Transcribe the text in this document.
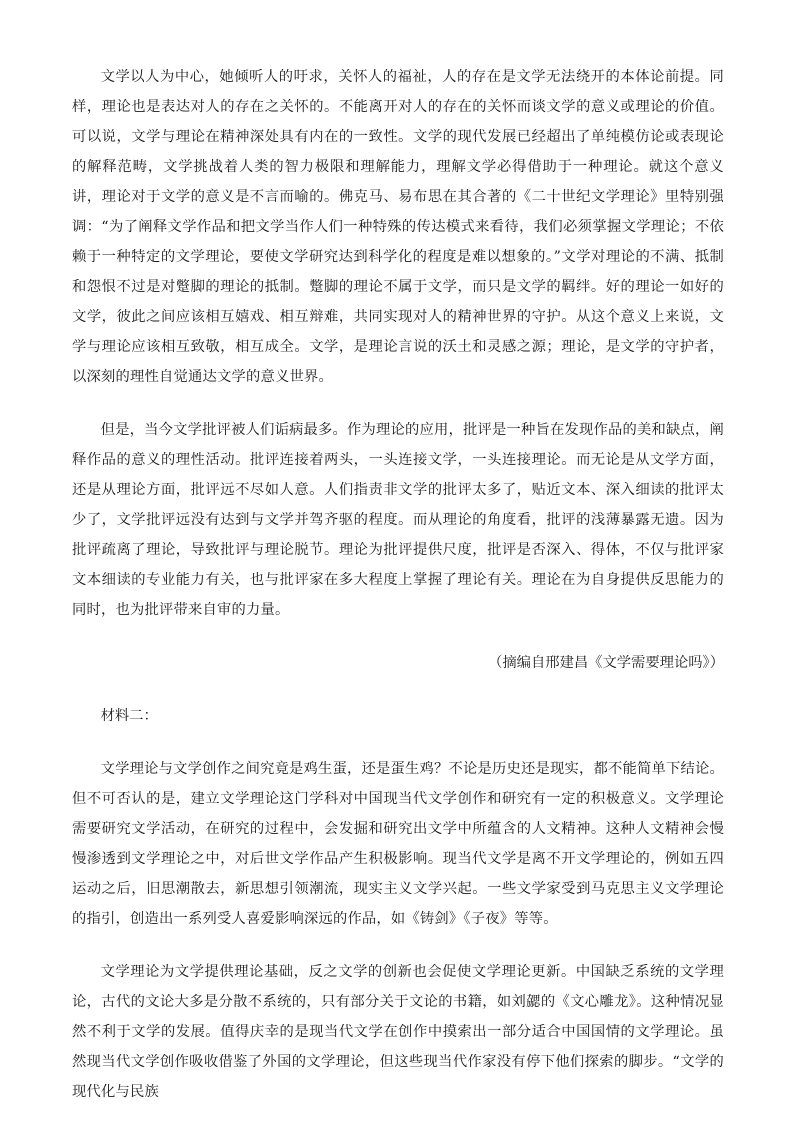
文学以人为中心，她倾听人的吁求，关怀人的福祉，人的存在是文学无法绕开的本体论前提。同样，理论也是表达对人的存在之关怀的。不能离开对人的存在的关怀而谈文学的意义或理论的价值。可以说，文学与理论在精神深处具有内在的一致性。文学的现代发展已经超出了单纯模仿论或表现论的解释范畴，文学挑战着人类的智力极限和理解能力，理解文学必得借助于一种理论。就这个意义讲，理论对于文学的意义是不言而喻的。佛克马、易布思在其合著的《二十世纪文学理论》里特别强调：“为了阐释文学作品和把文学当作人们一种特殊的传达模式来看待，我们必须掌握文学理论；不依赖于一种特定的文学理论，要使文学研究达到科学化的程度是难以想象的。”文学对理论的不满、抵制和怨恨不过是对蹩脚的理论的抵制。蹩脚的理论不属于文学，而只是文学的羁绊。好的理论一如好的文学，彼此之间应该相互嬉戏、相互辩难，共同实现对人的精神世界的守护。从这个意义上来说，文学与理论应该相互致敬，相互成全。文学，是理论言说的沃土和灵感之源；理论，是文学的守护者，以深刻的理性自觉通达文学的意义世界。

但是，当今文学批评被人们诟病最多。作为理论的应用，批评是一种旨在发现作品的美和缺点，阐释作品的意义的理性活动。批评连接着两头，一头连接文学，一头连接理论。而无论是从文学方面，还是从理论方面，批评远不尽如人意。人们指责非文学的批评太多了，贴近文本、深入细读的批评太少了，文学批评远没有达到与文学并驾齐驱的程度。而从理论的角度看，批评的浅薄暴露无遗。因为批评疏离了理论，导致批评与理论脱节。理论为批评提供尺度，批评是否深入、得体，不仅与批评家文本细读的专业能力有关，也与批评家在多大程度上掌握了理论有关。理论在为自身提供反思能力的同时，也为批评带来自审的力量。

（摘编自邢建昌《文学需要理论吗》）

材料二：

文学理论与文学创作之间究竟是鸡生蛋，还是蛋生鸡？不论是历史还是现实，都不能简单下结论。但不可否认的是，建立文学理论这门学科对中国现当代文学创作和研究有一定的积极意义。文学理论需要研究文学活动，在研究的过程中，会发掘和研究出文学中所蕴含的人文精神。这种人文精神会慢慢渗透到文学理论之中，对后世文学作品产生积极影响。现当代文学是离不开文学理论的，例如五四运动之后，旧思潮散去，新思想引领潮流，现实主义文学兴起。一些文学家受到马克思主义文学理论的指引，创造出一系列受人喜爱影响深远的作品，如《铸剑》《子夜》等等。

文学理论为文学提供理论基础，反之文学的创新也会促使文学理论更新。中国缺乏系统的文学理论，古代的文论大多是分散不系统的，只有部分关于文论的书籍，如刘勰的《文心雕龙》。这种情况显然不利于文学的发展。值得庆幸的是现当代文学在创作中摸索出一部分适合中国国情的文学理论。虽然现当代文学创作吸收借鉴了外国的文学理论，但这些现当代作家没有停下他们探索的脚步。“文学的现代化与民族
